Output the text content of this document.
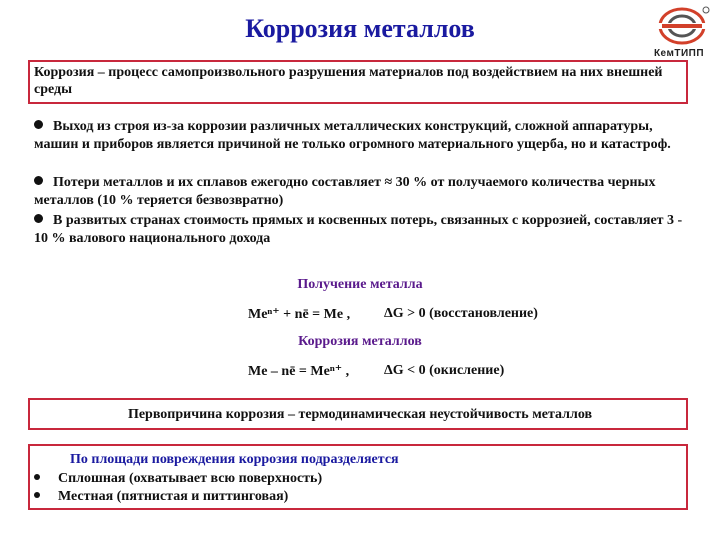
Коррозия металлов
КемТИПП
Коррозия – процесс самопроизвольного разрушения материалов под воздействием на них внешней среды
Выход из строя из-за коррозии различных металлических конструкций, сложной аппаратуры, машин и приборов является причиной не только огромного материального ущерба, но и катастроф.
Потери металлов и их сплавов ежегодно составляет ≈ 30 % от получаемого количества черных металлов (10 % теряется безвозвратно)
В развитых странах стоимость прямых и косвенных потерь, связанных с коррозией, составляет 3 - 10 % валового национального дохода
Получение металла
Meⁿ⁺ + nē = Me , ΔG > 0 (восстановление)
Коррозия металлов
Me – nē = Meⁿ⁺ , ΔG < 0 (окисление)
Первопричина коррозия – термодинамическая неустойчивость металлов
По площади повреждения коррозия подразделяется
Сплошная (охватывает всю поверхность)
Местная (пятнистая и питтинговая)
